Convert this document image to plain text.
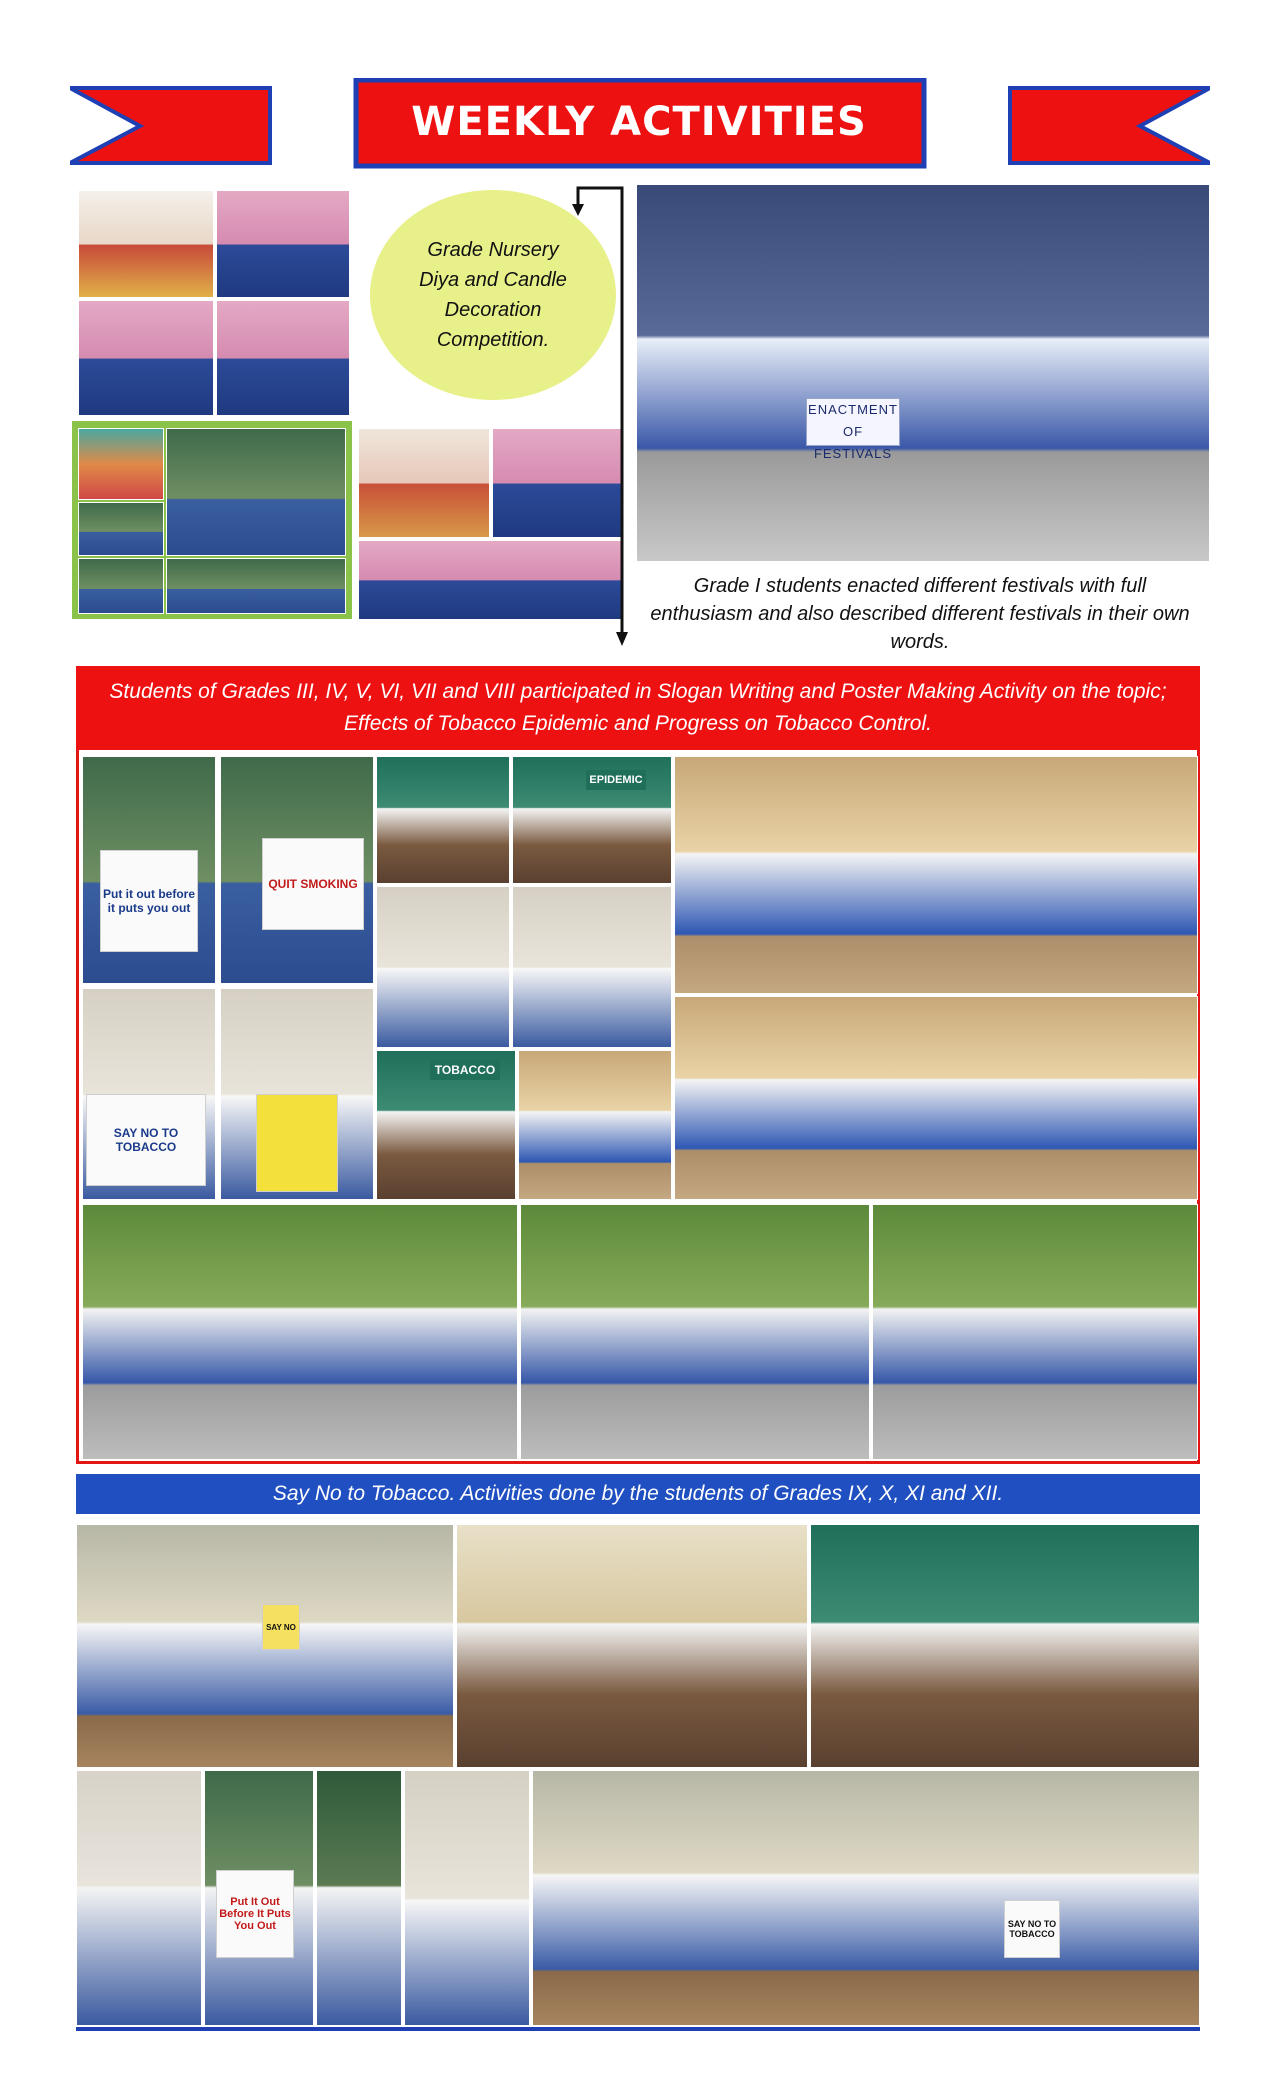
WEEKLY ACTIVITIES
Grade Nursery Diya and Candle Decoration Competition.
ENACTMENT OF FESTIVALS
Grade I students enacted different festivals with full enthusiasm and also described different festivals in their own words.
Students of Grades III, IV, V, VI, VII and VIII participated in Slogan Writing and Poster Making Activity on the topic; Effects of Tobacco Epidemic and Progress on Tobacco Control.
Put it out before it puts you out
QUIT SMOKING
SAY NO TO TOBACCO
EPIDEMIC
TOBACCO
Say No to Tobacco. Activities done by the students of Grades IX, X, XI and XII.
SAY NO
Put It Out Before It Puts You Out	SAY NO TO TOBACCO
